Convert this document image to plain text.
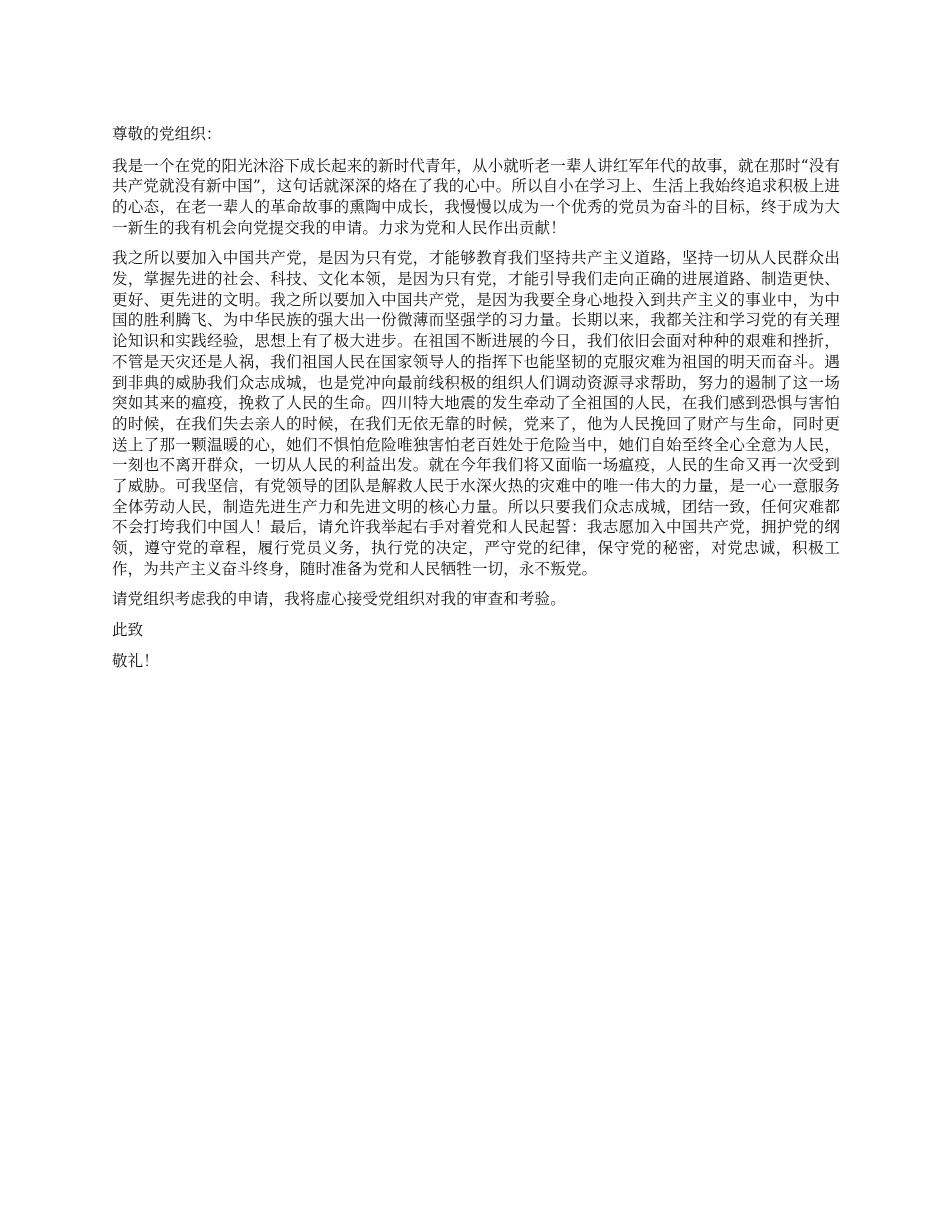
尊敬的党组织：

我是一个在党的阳光沐浴下成长起来的新时代青年，从小就听老一辈人讲红军年代的故事，就在那时“没有共产党就没有新中国”，这句话就深深的烙在了我的心中。所以自小在学习上、生活上我始终追求积极上进的心态，在老一辈人的革命故事的熏陶中成长，我慢慢以成为一个优秀的党员为奋斗的目标，终于成为大一新生的我有机会向党提交我的申请。力求为党和人民作出贡献！

我之所以要加入中国共产党，是因为只有党，才能够教育我们坚持共产主义道路，坚持一切从人民群众出发，掌握先进的社会、科技、文化本领，是因为只有党，才能引导我们走向正确的进展道路、制造更快、更好、更先进的文明。我之所以要加入中国共产党，是因为我要全身心地投入到共产主义的事业中，为中国的胜利腾飞、为中华民族的强大出一份微薄而坚强学的习力量。长期以来，我都关注和学习党的有关理论知识和实践经验，思想上有了极大进步。在祖国不断进展的今日，我们依旧会面对种种的艰难和挫折，不管是天灾还是人祸，我们祖国人民在国家领导人的指挥下也能坚韧的克服灾难为祖国的明天而奋斗。遇到非典的威胁我们众志成城，也是党冲向最前线积极的组织人们调动资源寻求帮助，努力的遏制了这一场突如其来的瘟疫，挽救了人民的生命。四川特大地震的发生牵动了全祖国的人民，在我们感到恐惧与害怕的时候，在我们失去亲人的时候，在我们无依无靠的时候，党来了，他为人民挽回了财产与生命，同时更送上了那一颗温暖的心，她们不惧怕危险唯独害怕老百姓处于危险当中，她们自始至终全心全意为人民，一刻也不离开群众，一切从人民的利益出发。就在今年我们将又面临一场瘟疫，人民的生命又再一次受到了威胁。可我坚信，有党领导的团队是解救人民于水深火热的灾难中的唯一伟大的力量，是一心一意服务全体劳动人民，制造先进生产力和先进文明的核心力量。所以只要我们众志成城，团结一致，任何灾难都不会打垮我们中国人！最后，请允许我举起右手对着党和人民起誓：我志愿加入中国共产党，拥护党的纲领，遵守党的章程，履行党员义务，执行党的决定，严守党的纪律，保守党的秘密，对党忠诚，积极工作，为共产主义奋斗终身，随时准备为党和人民牺牲一切，永不叛党。

请党组织考虑我的申请，我将虚心接受党组织对我的审查和考验。

此致

敬礼！
